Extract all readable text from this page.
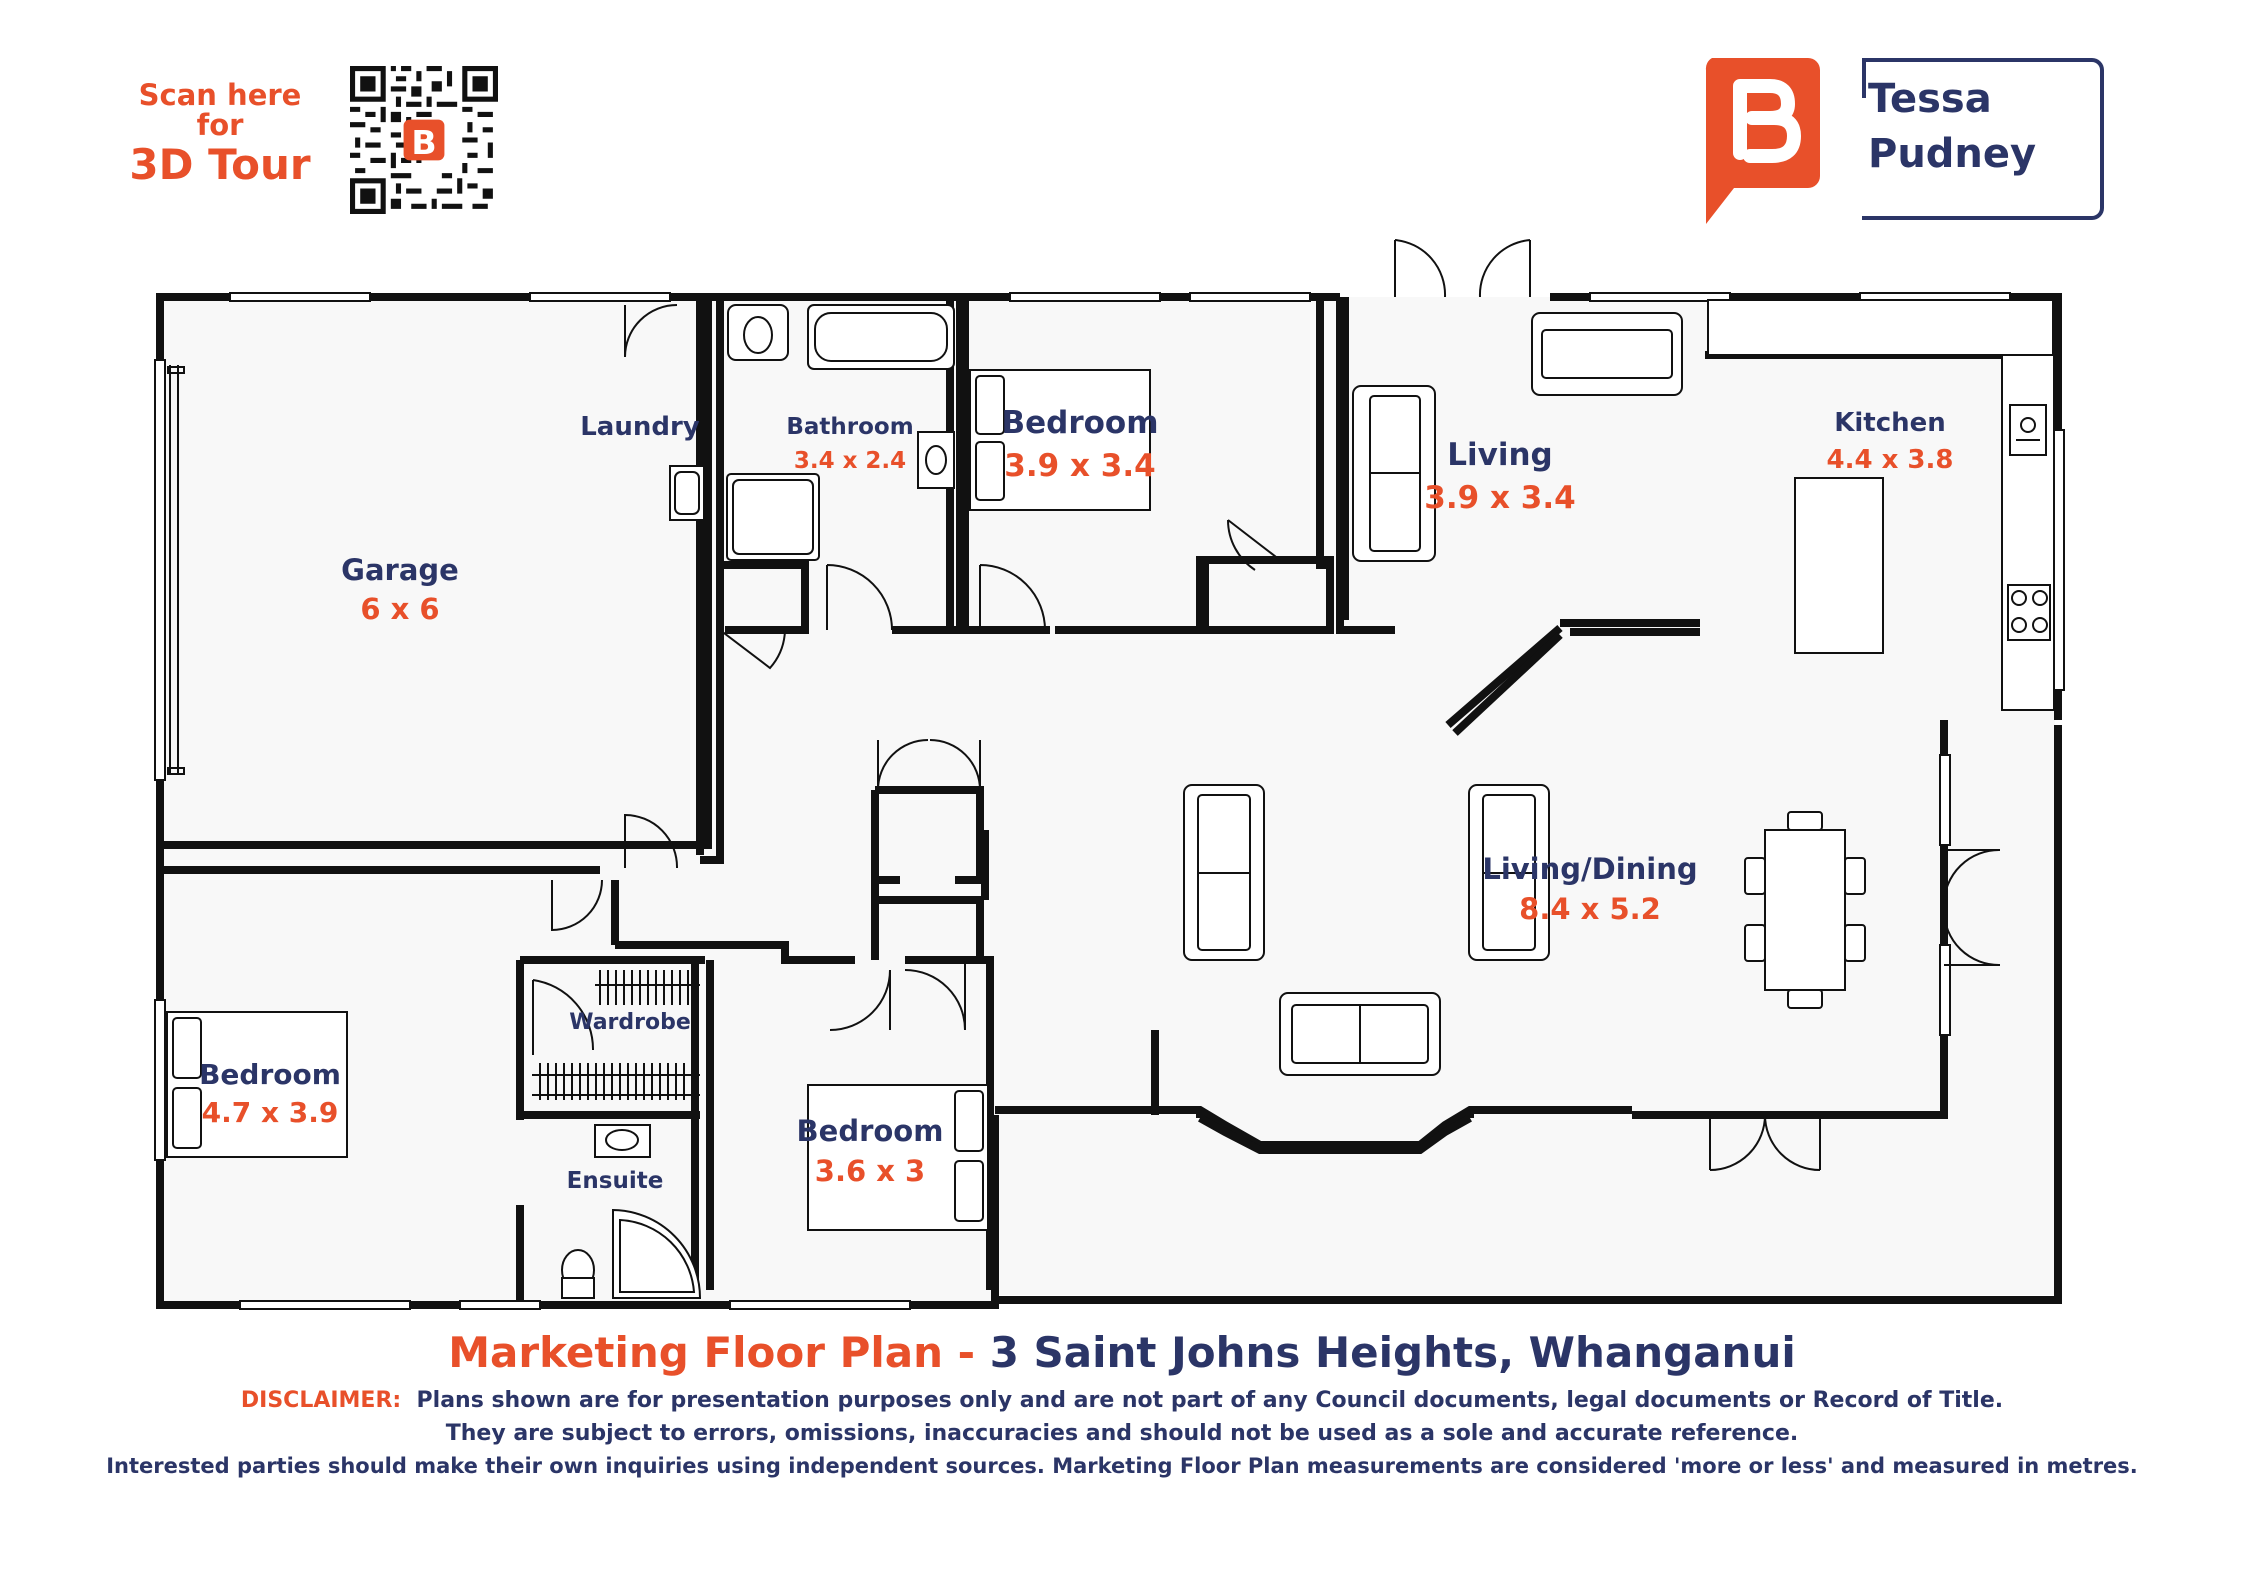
Scan here
for
3D Tour	B
Tessa
Pudney
Laundry	Bathroom
3.4 x 2.4
Bedroom
3.9 x 3.4	Living
3.9 x 3.4
Kitchen
4.4 x 3.8
Garage
6 x 6
Living/Dining
8.4 x 5.2
Wardrobe
Bedroom
4.7 x 3.9
Ensuite
Bedroom
3.6 x 3
Marketing Floor Plan - 3 Saint Johns Heights, Whanganui
DISCLAIMER: Plans shown are for presentation purposes only and are not part of any Council documents, legal documents or Record of Title.
They are subject to errors, omissions, inaccuracies and should not be used as a sole and accurate reference.
Interested parties should make their own inquiries using independent sources. Marketing Floor Plan measurements are considered 'more or less' and measured in metres.
